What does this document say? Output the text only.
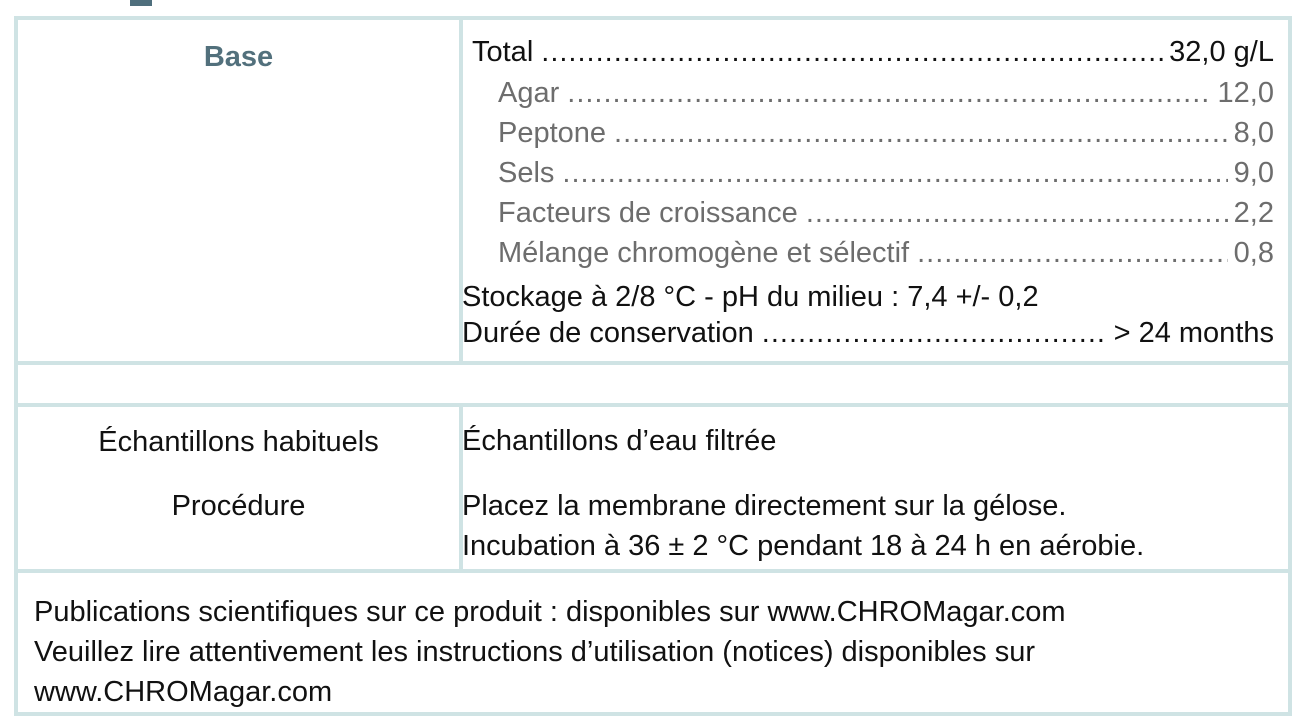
Base	Total .....	32,0 g/L
Agar .....	12,0
Peptone .....	8,0
Sels .....	9,0
Facteurs de croissance .....	2,2
Mélange chromogène et sélectif .....	0,8
Stockage à 2/8 °C - pH du milieu : 7,4 +/- 0,2
Durée de conservation .....	> 24 months
Échantillons habituels	Échantillons d’eau filtrée
Procédure	Placez la membrane directement sur la gélose.
Incubation à 36 ± 2 °C pendant 18 à 24 h en aérobie.
Publications scientifiques sur ce produit : disponibles sur www.CHROMagar.com
Veuillez lire attentivement les instructions d’utilisation (notices) disponibles sur
www.CHROMagar.com
